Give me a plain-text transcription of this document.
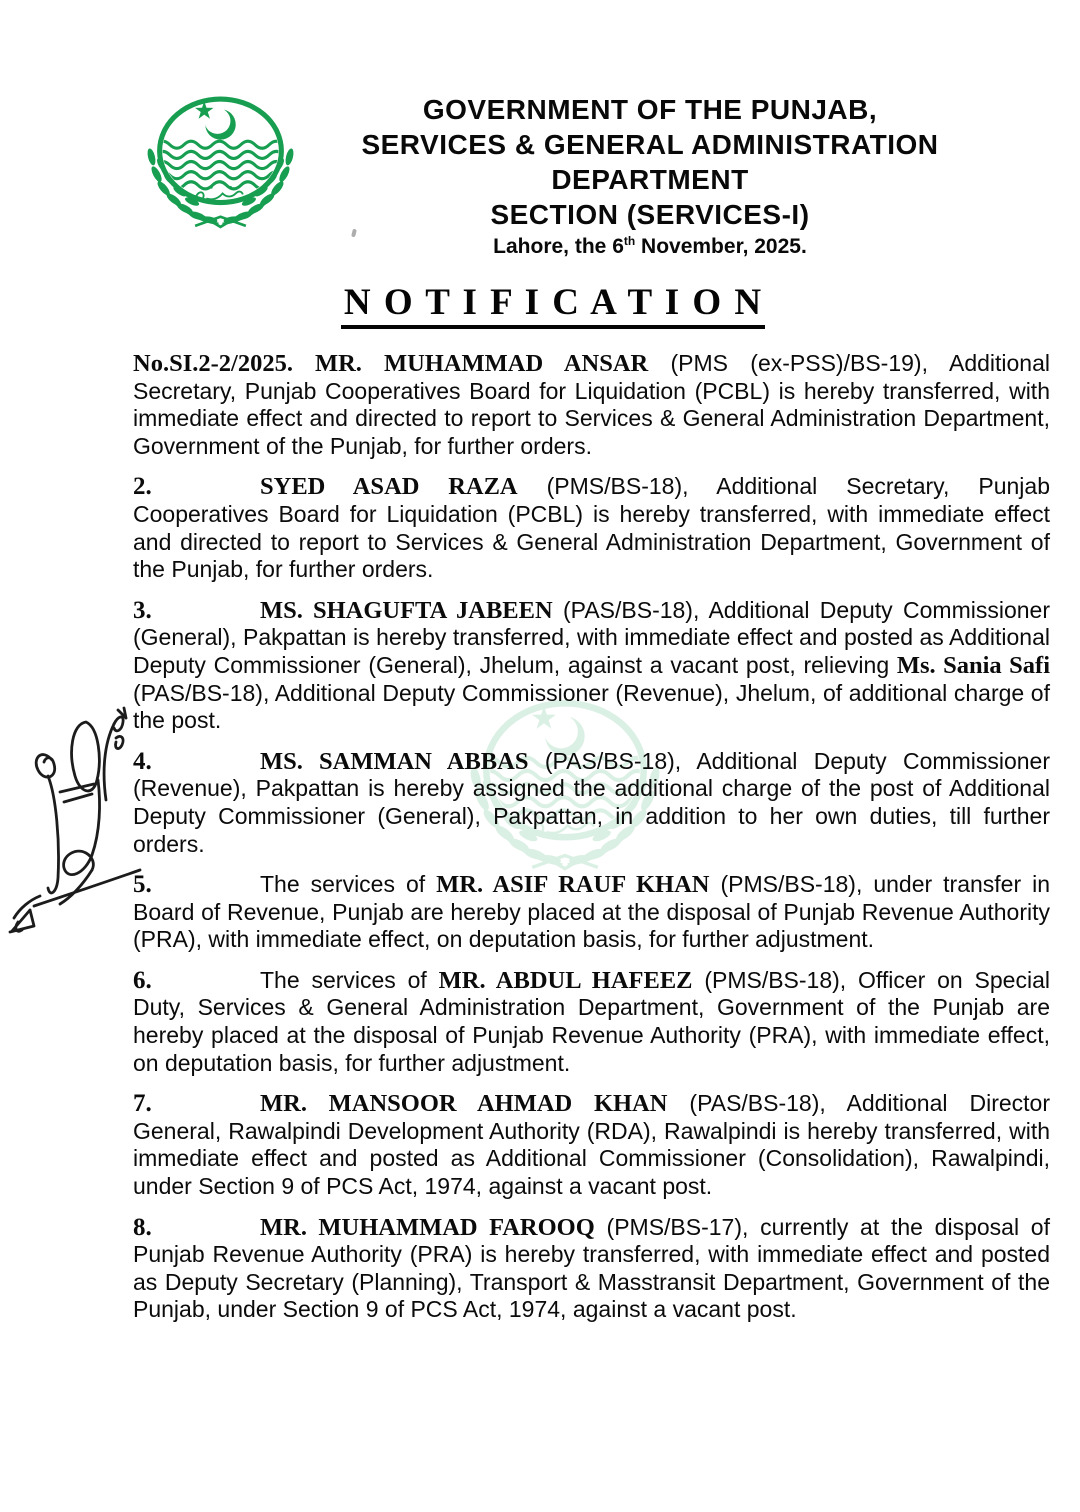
GOVERNMENT OF THE PUNJAB,
SERVICES & GENERAL ADMINISTRATION
DEPARTMENT
SECTION (SERVICES-I)
Lahore, the 6th November, 2025.
N O T I F I C A T I O N

No.SI.2-2/2025. MR. MUHAMMAD ANSAR (PMS (ex-PSS)/BS-19), Additional Secretary, Punjab Cooperatives Board for Liquidation (PCBL) is hereby transferred, with immediate effect and directed to report to Services & General Administration Department, Government of the Punjab, for further orders.

2.	SYED ASAD RAZA (PMS/BS-18), Additional Secretary, Punjab Cooperatives Board for Liquidation (PCBL) is hereby transferred, with immediate effect and directed to report to Services & General Administration Department, Government of the Punjab, for further orders.

3.	MS. SHAGUFTA JABEEN (PAS/BS-18), Additional Deputy Commissioner (General), Pakpattan is hereby transferred, with immediate effect and posted as Additional Deputy Commissioner (General), Jhelum, against a vacant post, relieving Ms. Sania Safi (PAS/BS-18), Additional Deputy Commissioner (Revenue), Jhelum, of additional charge of the post.

4.	MS. SAMMAN ABBAS (PAS/BS-18), Additional Deputy Commissioner (Revenue), Pakpattan is hereby assigned the additional charge of the post of Additional Deputy Commissioner (General), Pakpattan, in addition to her own duties, till further orders.

5.	The services of MR. ASIF RAUF KHAN (PMS/BS-18), under transfer in Board of Revenue, Punjab are hereby placed at the disposal of Punjab Revenue Authority (PRA), with immediate effect, on deputation basis, for further adjustment.

6.	The services of MR. ABDUL HAFEEZ (PMS/BS-18), Officer on Special Duty, Services & General Administration Department, Government of the Punjab are hereby placed at the disposal of Punjab Revenue Authority (PRA), with immediate effect, on deputation basis, for further adjustment.

7.	MR. MANSOOR AHMAD KHAN (PAS/BS-18), Additional Director General, Rawalpindi Development Authority (RDA), Rawalpindi is hereby transferred, with immediate effect and posted as Additional Commissioner (Consolidation), Rawalpindi, under Section 9 of PCS Act, 1974, against a vacant post.

8.	MR. MUHAMMAD FAROOQ (PMS/BS-17), currently at the disposal of Punjab Revenue Authority (PRA) is hereby transferred, with immediate effect and posted as Deputy Secretary (Planning), Transport & Masstransit Department, Government of the Punjab, under Section 9 of PCS Act, 1974, against a vacant post.
